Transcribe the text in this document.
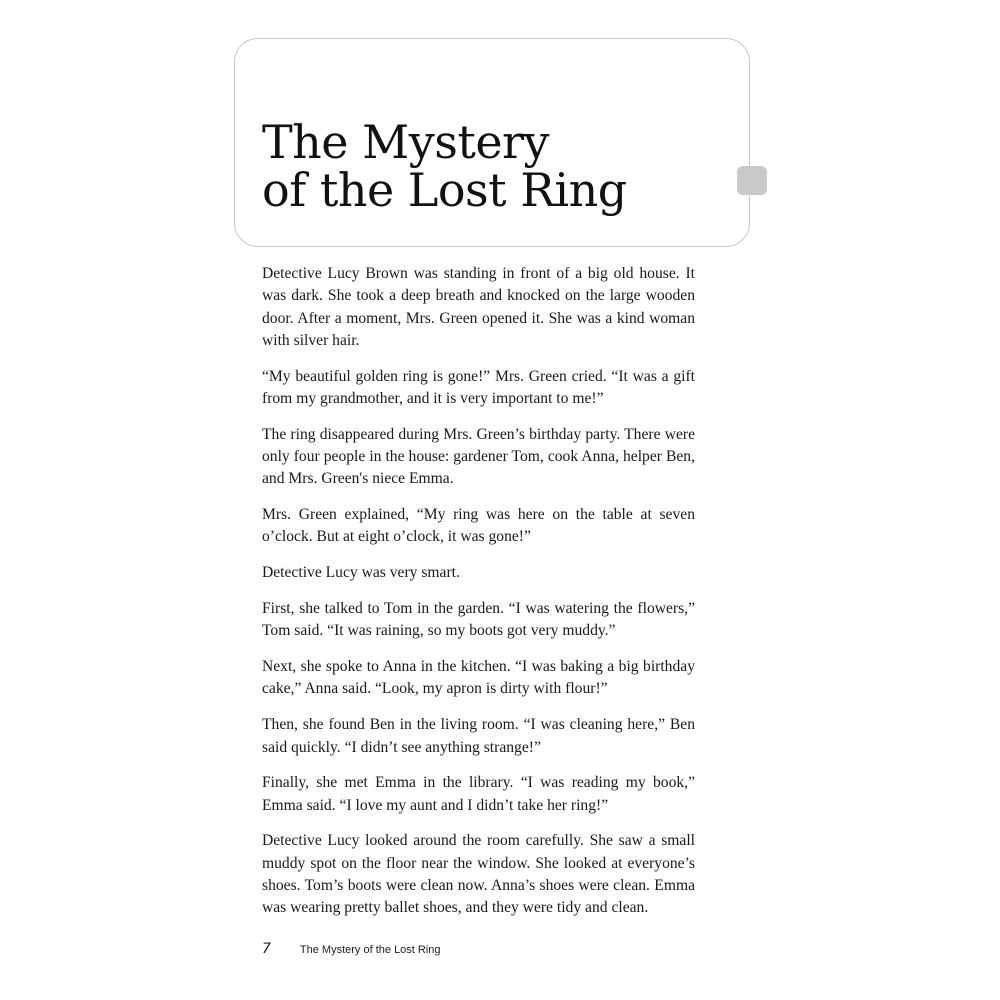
The Mystery
of the Lost Ring

Detective Lucy Brown was standing in front of a big old house. It was dark. She took a deep breath and knocked on the large wooden door. After a moment, Mrs. Green opened it. She was a kind woman with silver hair.

“My beautiful golden ring is gone!” Mrs. Green cried. “It was a gift from my grandmother, and it is very important to me!”

The ring disappeared during Mrs. Green’s birthday party. There were only four people in the house: gardener Tom, cook Anna, helper Ben, and Mrs. Green's niece Emma.

Mrs. Green explained, “My ring was here on the table at seven o’clock. But at eight o’clock, it was gone!”

Detective Lucy was very smart.

First, she talked to Tom in the garden. “I was watering the flowers,” Tom said. “It was raining, so my boots got very muddy.”

Next, she spoke to Anna in the kitchen. “I was baking a big birthday cake,” Anna said. “Look, my apron is dirty with flour!”

Then, she found Ben in the living room. “I was cleaning here,” Ben said quickly. “I didn’t see anything strange!”

Finally, she met Emma in the library. “I was reading my book,” Emma said. “I love my aunt and I didn’t take her ring!”

Detective Lucy looked around the room carefully. She saw a small muddy spot on the floor near the window. She looked at everyone’s shoes. Tom’s boots were clean now. Anna’s shoes were clean. Emma was wearing pretty ballet shoes, and they were tidy and clean.

7	The Mystery of the Lost Ring
